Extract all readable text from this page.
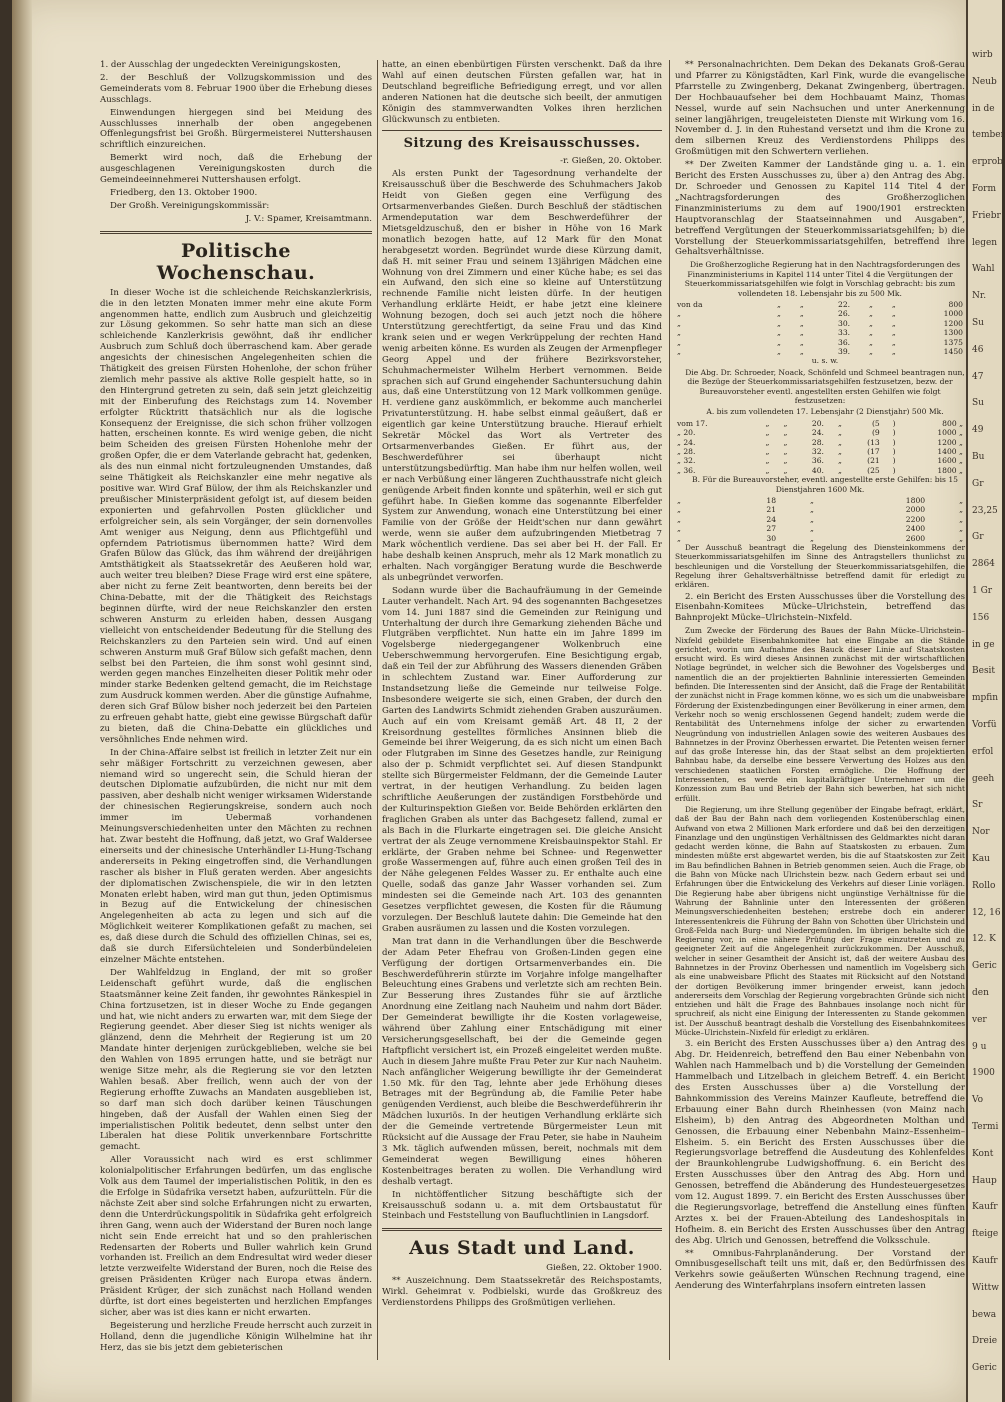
1. der Ausschlag der ungedeckten Vereinigungskosten,

2. der Beschluß der Vollzugskommission und des Gemeinderats vom 8. Februar 1900 über die Erhebung dieses Ausschlags.

Einwendungen hiergegen sind bei Meidung des Ausschlusses innerhalb der oben angegebenen Offenlegungsfrist bei Großh. Bürgermeisterei Nuttershausen schriftlich einzureichen.

Bemerkt wird noch, daß die Erhebung der ausgeschlagenen Vereinigungskosten durch die Gemeindeeinnehmerei Nuttershausen erfolgt.

Friedberg, den 13. Oktober 1900.

Der Großh. Vereinigungskommissär:

J. V.: Spamer, Kreisamtmann.

Politische Wochenschau.

In dieser Woche ist die schleichende Reichskanzlerkrisis, die in den letzten Monaten immer mehr eine akute Form angenommen hatte, endlich zum Ausbruch und gleichzeitig zur Lösung gekommen. So sehr hatte man sich an diese schleichende Kanzlerkrisis gewöhnt, daß ihr endlicher Ausbruch zum Schluß doch überraschend kam. Aber gerade angesichts der chinesischen Angelegenheiten schien die Thätigkeit des greisen Fürsten Hohenlohe, der schon früher ziemlich mehr passive als aktive Rolle gespielt hatte, so in den Hintergrund getreten zu sein, daß sein jetzt gleichzeitig mit der Einberufung des Reichstags zum 14. November erfolgter Rücktritt thatsächlich nur als die logische Konsequenz der Ereignisse, die sich schon früher vollzogen hatten, erscheinen konnte. Es wird wenige geben, die nicht beim Scheiden des greisen Fürsten Hohenlohe mehr der großen Opfer, die er dem Vaterlande gebracht hat, gedenken, als des nun einmal nicht fortzuleugnenden Umstandes, daß seine Thätigkeit als Reichskanzler eine mehr negative als positive war. Wird Graf Bülow, der ihm als Reichskanzler und preußischer Ministerpräsident gefolgt ist, auf diesem beiden exponierten und gefahrvollen Posten glücklicher und erfolgreicher sein, als sein Vorgänger, der sein dornenvolles Amt weniger aus Neigung, denn aus Pflichtgefühl und opferndem Patriotismus übernommen hatte? Wird dem Grafen Bülow das Glück, das ihm während der dreijährigen Amtsthätigkeit als Staatssekretär des Aeußeren hold war, auch weiter treu bleiben? Diese Frage wird erst eine spätere, aber nicht zu ferne Zeit beantworten, denn bereits bei der China-Debatte, mit der die Thätigkeit des Reichstags beginnen dürfte, wird der neue Reichskanzler den ersten schweren Ansturm zu erleiden haben, dessen Ausgang vielleicht von entscheidender Bedeutung für die Stellung des Reichskanzlers zu den Parteien sein wird. Und auf einen schweren Ansturm muß Graf Bülow sich gefaßt machen, denn selbst bei den Parteien, die ihm sonst wohl gesinnt sind, werden gegen manches Einzelheiten dieser Politik mehr oder minder starke Bedenken geltend gemacht, die im Reichstage zum Ausdruck kommen werden. Aber die günstige Aufnahme, deren sich Graf Bülow bisher noch jederzeit bei den Parteien zu erfreuen gehabt hatte, giebt eine gewisse Bürgschaft dafür zu bieten, daß die China-Debatte ein glückliches und versöhnliches Ende nehmen wird.

In der China-Affaire selbst ist freilich in letzter Zeit nur ein sehr mäßiger Fortschritt zu verzeichnen gewesen, aber niemand wird so ungerecht sein, die Schuld hieran der deutschen Diplomatie aufzubürden, die nicht nur mit dem passiven, aber deshalb nicht weniger wirksamen Widerstande der chinesischen Regierungskreise, sondern auch noch immer im Uebermaß vorhandenen Meinungsverschiedenheiten unter den Mächten zu rechnen hat. Zwar besteht die Hoffnung, daß jetzt, wo Graf Waldersee einerseits und der chinesische Unterhändler Li-Hung-Tschang andererseits in Peking eingetroffen sind, die Verhandlungen rascher als bisher in Fluß geraten werden. Aber angesichts der diplomatischen Zwischenspiele, die wir in den letzten Monaten erlebt haben, wird man gut thun, jeden Optimismus in Bezug auf die Entwickelung der chinesischen Angelegenheiten ab acta zu legen und sich auf die Möglichkeit weiterer Komplikationen gefaßt zu machen, sei es, daß diese durch die Schuld des offiziellen Chinas, sei es, daß sie durch Eifersüchteleien und Sonderbündeleien einzelner Mächte entstehen.

Der Wahlfeldzug in England, der mit so großer Leidenschaft geführt wurde, daß die englischen Staatsmänner keine Zeit fanden, ihr gewohntes Ränkespiel in China fortzusetzen, ist in dieser Woche zu Ende gegangen und hat, wie nicht anders zu erwarten war, mit dem Siege der Regierung geendet. Aber dieser Sieg ist nichts weniger als glänzend, denn die Mehrheit der Regierung ist um 20 Mandate hinter derjenigen zurückgeblieben, welche sie bei den Wahlen von 1895 errungen hatte, und sie beträgt nur wenige Sitze mehr, als die Regierung sie vor den letzten Wahlen besaß. Aber freilich, wenn auch der von der Regierung erhoffte Zuwachs an Mandaten ausgeblieben ist, so darf man sich doch darüber keinen Täuschungen hingeben, daß der Ausfall der Wahlen einen Sieg der imperialistischen Politik bedeutet, denn selbst unter den Liberalen hat diese Politik unverkennbare Fortschritte gemacht.

Aller Voraussicht nach wird es erst schlimmer kolonialpolitischer Erfahrungen bedürfen, um das englische Volk aus dem Taumel der imperialistischen Politik, in den es die Erfolge in Südafrika versetzt haben, aufzurütteln. Für die nächste Zeit aber sind solche Erfahrungen nicht zu erwarten, denn die Unterdrückungspolitik in Südafrika geht erfolgreich ihren Gang, wenn auch der Widerstand der Buren noch lange nicht sein Ende erreicht hat und so den prahlerischen Redensarten der Roberts und Buller wahrlich kein Grund vorhanden ist. Freilich an dem Endresultat wird weder dieser letzte verzweifelte Widerstand der Buren, noch die Reise des greisen Präsidenten Krüger nach Europa etwas ändern. Präsident Krüger, der sich zunächst nach Holland wenden dürfte, ist dort eines begeisterten und herzlichen Empfanges sicher, aber was ist dies kann er nicht erwarten.

Begeisterung und herzliche Freude herrscht auch zurzeit in Holland, denn die jugendliche Königin Wilhelmine hat ihr Herz, das sie bis jetzt dem gebieterischen

hatte, an einen ebenbürtigen Fürsten verschenkt. Daß da ihre Wahl auf einen deutschen Fürsten gefallen war, hat in Deutschland begreifliche Befriedigung erregt, und vor allen anderen Nationen hat die deutsche sich beeilt, der anmutigen Königin des stammverwandten Volkes ihren herzlichen Glückwunsch zu entbieten.

Sitzung des Kreisausschusses.

-r. Gießen, 20. Oktober.

Als ersten Punkt der Tagesordnung verhandelte der Kreisausschuß über die Beschwerde des Schuhmachers Jakob Heidt von Gießen gegen eine Verfügung des Ortsarmenverbandes Gießen. Durch Beschluß der städtischen Armendeputation war dem Beschwerdeführer der Mietsgeldzuschuß, den er bisher in Höhe von 16 Mark monatlich bezogen hatte, auf 12 Mark für den Monat herabgesetzt worden. Begründet wurde diese Kürzung damit, daß H. mit seiner Frau und seinem 13jährigen Mädchen eine Wohnung von drei Zimmern und einer Küche habe; es sei das ein Aufwand, den sich eine so kleine auf Unterstützung rechnende Familie nicht leisten dürfe. In der heutigen Verhandlung erklärte Heidt, er habe jetzt eine kleinere Wohnung bezogen, doch sei auch jetzt noch die höhere Unterstützung gerechtfertigt, da seine Frau und das Kind krank seien und er wegen Verkrüppelung der rechten Hand wenig arbeiten könne. Es wurden als Zeugen der Armenpfleger Georg Appel und der frühere Bezirksvorsteher, Schuhmachermeister Wilhelm Herbert vernommen. Beide sprachen sich auf Grund eingehender Sachuntersuchung dahin aus, daß eine Unterstützung von 12 Mark vollkommen genüge. H. verdiene ganz auskömmlich, er bekomme auch mancherlei Privatunterstützung. H. habe selbst einmal geäußert, daß er eigentlich gar keine Unterstützung brauche. Hierauf erhielt Sekretär Möckel das Wort als Vertreter des Ortsarmenverbandes Gießen. Er führt aus, der Beschwerdeführer sei überhaupt nicht unterstützungsbedürftig. Man habe ihm nur helfen wollen, weil er nach Verbüßung einer längeren Zuchthausstrafe nicht gleich genügende Arbeit finden konnte und späterhin, weil er sich gut geführt habe. In Gießen komme das sogenannte Elberfelder System zur Anwendung, wonach eine Unterstützung bei einer Familie von der Größe der Heidt'schen nur dann gewährt werde, wenn sie außer dem aufzubringenden Mietbetrag 7 Mark wöchentlich verdiene. Das sei aber bei H. der Fall. Er habe deshalb keinen Anspruch, mehr als 12 Mark monatlich zu erhalten. Nach vorgängiger Beratung wurde die Beschwerde als unbegründet verworfen.

Sodann wurde über die Bachaufräumung in der Gemeinde Lauter verhandelt. Nach Art. 94 des sogenannten Bachgesetzes vom 14. Juni 1887 sind die Gemeinden zur Reinigung und Unterhaltung der durch ihre Gemarkung ziehenden Bäche und Flutgräben verpflichtet. Nun hatte ein im Jahre 1899 im Vogelsberge niedergegangener Wolkenbruch eine Ueberschwemmung hervorgerufen. Eine Besichtigung ergab, daß ein Teil der zur Abführung des Wassers dienenden Gräben in schlechtem Zustand war. Einer Aufforderung zur Instandsetzung ließe die Gemeinde nur teilweise Folge. Insbesondere weigerte sie sich, einen Graben, der durch den Garten des Landwirts Schmidt ziehenden Graben auszuräumen. Auch auf ein vom Kreisamt gemäß Art. 48 II, 2 der Kreisordnung gestelltes förmliches Ansinnen blieb die Gemeinde bei ihrer Weigerung, da es sich nicht um einen Bach oder Flutgraben im Sinne des Gesetzes handle, zur Reinigung also der p. Schmidt verpflichtet sei. Auf diesen Standpunkt stellte sich Bürgermeister Feldmann, der die Gemeinde Lauter vertrat, in der heutigen Verhandlung. Zu beiden lagen schriftliche Aeußerungen der zuständigen Forstbehörde und der Kulturinspektion Gießen vor. Beide Behörden erklärten den fraglichen Graben als unter das Bachgesetz fallend, zumal er als Bach in die Flurkarte eingetragen sei. Die gleiche Ansicht vertrat der als Zeuge vernommene Kreisbauinspektor Stahl. Er erklärte, der Graben nehme bei Schnee- und Regenwetter große Wassermengen auf, führe auch einen großen Teil des in der Nähe gelegenen Feldes Wasser zu. Er enthalte auch eine Quelle, sodaß das ganze Jahr Wasser vorhanden sei. Zum mindesten sei die Gemeinde nach Art. 103 des genannten Gesetzes verpflichtet gewesen, die Kosten für die Räumung vorzulegen. Der Beschluß lautete dahin: Die Gemeinde hat den Graben ausräumen zu lassen und die Kosten vorzulegen.

Man trat dann in die Verhandlungen über die Beschwerde der Adam Peter Ehefrau von Großen-Linden gegen eine Verfügung der dortigen Ortsarmenverbandes ein. Die Beschwerdeführerin stürzte im Vorjahre infolge mangelhafter Beleuchtung eines Grabens und verletzte sich am rechten Bein. Zur Besserung ihres Zustandes führ sie auf ärztliche Anordnung eine Zeitlang nach Nauheim und nahm dort Bäder. Der Gemeinderat bewilligte ihr die Kosten vorlageweise, während über Zahlung einer Entschädigung mit einer Versicherungsgesellschaft, bei der die Gemeinde gegen Haftpflicht versichert ist, ein Prozeß eingeleitet werden mußte. Auch in diesem Jahre mußte Frau Peter zur Kur nach Nauheim. Nach anfänglicher Weigerung bewilligte ihr der Gemeinderat 1.50 Mk. für den Tag, lehnte aber jede Erhöhung dieses Betrages mit der Begründung ab, die Familie Peter habe genügenden Verdienst, auch bleibe die Beschwerdeführerin ihr Mädchen luxuriös. In der heutigen Verhandlung erklärte sich der die Gemeinde vertretende Bürgermeister Leun mit Rücksicht auf die Aussage der Frau Peter, sie habe in Nauheim 3 Mk. täglich aufwenden müssen, bereit, nochmals mit dem Gemeinderat wegen Bewilligung eines höheren Kostenbeitrages beraten zu wollen. Die Verhandlung wird deshalb vertagt.

In nichtöffentlicher Sitzung beschäftigte sich der Kreisausschuß sodann u. a. mit dem Ortsbaustatut für Steinbach und Feststellung von Baufluchtlinien in Langsdorf.

Aus Stadt und Land.

Gießen, 22. Oktober 1900.

** Auszeichnung. Dem Staatssekretär des Reichspostamts, Wirkl. Geheimrat v. Podbielski, wurde das Großkreuz des Verdienstordens Philipps des Großmütigen verliehen.

** Personalnachrichten. Dem Dekan des Dekanats Groß-Gerau und Pfarrer zu Königstädten, Karl Fink, wurde die evangelische Pfarrstelle zu Zwingenberg, Dekanat Zwingenberg, übertragen. Der Hochbauaufseher bei dem Hochbauamt Mainz, Thomas Nessel, wurde auf sein Nachsuchen und unter Anerkennung seiner langjährigen, treugeleisteten Dienste mit Wirkung vom 16. November d. J. in den Ruhestand versetzt und ihm die Krone zu dem silbernen Kreuz des Verdienstordens Philipps des Großmütigen mit den Schwertern verliehen.

** Der Zweiten Kammer der Landstände ging u. a. 1. ein Bericht des Ersten Ausschusses zu, über a) den Antrag des Abg. Dr. Schroeder und Genossen zu Kapitel 114 Titel 4 der „Nachtragsforderungen des Großherzoglichen Finanzministeriums zu dem auf 1900/1901 erstreckten Hauptvoranschlag der Staatseinnahmen und Ausgaben“, betreffend Vergütungen der Steuerkommissariatsgehilfen; b) die Vorstellung der Steuerkommissariatsgehilfen, betreffend ihre Gehaltsverhältnisse.

Die Großherzogliche Regierung hat in den Nachtragsforderungen des Finanzministeriums in Kapitel 114 unter Titel 4 die Vergütungen der Steuerkommissariatsgehilfen wie folgt in Vorschlag gebracht: bis zum vollendeten 18. Lebensjahr bis zu 500 Mk.

von da	„	„	22.	„	„	800
„	„	„	26.	„	„	1000
„	„	„	30.	„	„	1200
„	„	„	33.	„	„	1300
„	„	„	36.	„	„	1375
„	„	„	39.	„	„	1450

u. s. w.

Die Abg. Dr. Schroeder, Noack, Schönfeld und Schmeel beantragen nun, die Bezüge der Steuerkommissariatsgehilfen festzusetzen, bezw. der Bureauvorsteher eventl. angestellten ersten Gehilfen wie folgt festzusetzen:

A. bis zum vollendeten 17. Lebensjahr (2 Dienstjahr) 500 Mk.

vom 17.	„	„	20.	„	(5	)	800 „
„ 20.	„	„	24.	„	(9	)	1000 „
„ 24.	„	„	28.	„	(13	)	1200 „
„ 28.	„	„	32.	„	(17	)	1400 „
„ 32.	„	„	36.	„	(21	)	1600 „
„ 36.	„	„	40.	„	(25	)	1800 „

B. Für die Bureauvorsteher, eventl. angestellte erste Gehilfen: bis 15 Dienstjahren 1600 Mk.

„	18	„	1800	„
„	21	„	2000	„
„	24	„	2200	„
„	27	„	2400	„
„	30	„	2600	„

Der Ausschuß beantragt die Regelung des Diensteinkommens der Steuerkommissariatsgehilfen im Sinne des Antragstellers thunlichst zu beschleunigen und die Vorstellung der Steuerkommissariatsgehilfen, die Regelung ihrer Gehaltsverhältnisse betreffend damit für erledigt zu erklären.

2. ein Bericht des Ersten Ausschusses über die Vorstellung des Eisenbahn-Komitees Mücke–Ulrichstein, betreffend das Bahnprojekt Mücke–Ulrichstein–Nixfeld.

Zum Zwecke der Förderung des Baues der Bahn Mücke–Ulrichstein–Nixfeld gebildete Eisenbahnkomitee hat eine Eingabe an die Stände gerichtet, worin um Aufnahme des Bauck dieser Linie auf Staatskosten ersucht wird. Es wird dieses Ansinnen zunächst mit der wirtschaftlichen Notlage begründet, in welcher sich die Bewohner des Vogelsberges und namentlich die an der projektierten Bahnlinie interessierten Gemeinden befinden. Die Interessenten sind der Ansicht, daß die Frage der Rentabilität der zunächst nicht in Frage kommen könne, wo es sich um die unabweisbare Förderung der Existenzbedingungen einer Bevölkerung in einer armen, dem Verkehr noch so wenig erschlossenen Gegend handelt; zudem werde die Rentabilität des Unternehmens infolge der sicher zu erwartenden Neugründung von industriellen Anlagen sowie des weiteren Ausbaues des Bahnnetzes in der Provinz Oberhessen erwartet. Die Petenten weisen ferner auf das große Interesse hin, das der Staat selbst an dem projektierten Bahnbau habe, da derselbe eine bessere Verwertung des Holzes aus den verschiedenen staatlichen Forsten ermögliche. Die Hoffnung der Interessenten, es werde ein kapitalkräftiger Unternehmer um die Konzession zum Bau und Betrieb der Bahn sich bewerben, hat sich nicht erfüllt.

Die Regierung, um ihre Stellung gegenüber der Eingabe befragt, erklärt, daß der Bau der Bahn nach dem vorliegenden Kostenüberschlag einen Aufwand von etwa 2 Millionen Mark erfordere und daß bei den derzeitigen Finanzlage und den ungünstigen Verhältnissen des Geldmarktes nicht daran gedacht werden könne, die Bahn auf Staatskosten zu erbauen. Zum mindesten müßte erst abgewartet werden, bis die auf Staatskosten zur Zeit im Bau befindlichen Bahnen in Betrieb genommen seien. Auch die Frage, ob die Bahn von Mücke nach Ulrichstein bezw. nach Gedern erbaut sei und Erfahrungen über die Entwickelung des Verkehrs auf dieser Linie vorlägen. Die Regierung habe aber übrigens nicht ungünstige Verhältnisse für die Wahrung der Bahnlinie unter den Interessenten der größeren Meinungsverschiedenheiten bestehen; erstrebe doch ein anderer Interessentenkreis die Führung der Bahn von Schotten über Ulrichstein und Groß-Felda nach Burg- und Niedergemünden. Im übrigen behalte sich die Regierung vor, in eine nähere Prüfung der Frage einzutreten und zu geeigneter Zeit auf die Angelegenheit zurückzukommen. Der Ausschuß, welcher in seiner Gesamtheit der Ansicht ist, daß der weitere Ausbau des Bahnnetzes in der Provinz Oberhessen und namentlich im Vogelsberg sich als eine unabweisbare Pflicht des Staates mit Rücksicht auf den Notstand der dortigen Bevölkerung immer bringender erweist, kann jedoch andererseits dem Vorschlag der Regierung vorgebrachten Gründe sich nicht entziehen und hält die Frage des Bahnbaues insolange noch nicht für spruchreif, als nicht eine Einigung der Interessenten zu Stande gekommen ist. Der Ausschuß beantragt deshalb die Vorstellung des Eisenbahnkomitees Mücke–Ulrichstein–Nixfeld für erledigt zu erklären.

3. ein Bericht des Ersten Ausschusses über a) den Antrag des Abg. Dr. Heidenreich, betreffend den Bau einer Nebenbahn von Wahlen nach Hammelbach und b) die Vorstellung der Gemeinden Hammelbach und Litzelbach in gleichem Betreff. 4. ein Bericht des Ersten Ausschusses über a) die Vorstellung der Bahnkommission des Vereins Mainzer Kaufleute, betreffend die Erbauung einer Bahn durch Rheinhessen (von Mainz nach Elsheim), b) den Antrag des Abgeordneten Molthan und Genossen, die Erbauung einer Nebenbahn Mainz–Essenheim–Elsheim. 5. ein Bericht des Ersten Ausschusses über die Regierungsvorlage betreffend die Ausdeutung des Kohlenfeldes der Braunkohlengrube Ludwigshoffnung. 6. ein Bericht des Ersten Ausschusses über den Antrag des Abg. Horn und Genossen, betreffend die Abänderung des Hundesteuergesetzes vom 12. August 1899. 7. ein Bericht des Ersten Ausschusses über die Regierungsvorlage, betreffend die Anstellung eines fünften Arztes x. bei der Frauen-Abteilung des Landeshospitals in Hofheim. 8. ein Bericht des Ersten Ausschusses über den Antrag des Abg. Ulrich und Genossen, betreffend die Volksschule.

** Omnibus-Fahrplanänderung. Der Vorstand der Omnibusgesellschaft teilt uns mit, daß er, den Bedürfnissen des Verkehrs sowie geäußerten Wünschen Rechnung tragend, eine Aenderung des Winterfahrplans insofern eintreten lassen

wirb
Neub
in de
tember
erprob
Form
Friebr
legen
Wahl
Nr.
Su
46
47
Su
49
Bu
Gr
23,25
Gr
2864
1 Gr
156
in ge
Besit
mpfin
Vorfü
erfol
geeh
Sr
Nor
Kau
Rollo
12, 16
12. K
Geric
den
ver
9 u
1900
Vo
Termi
Kont
Haup
Kaufr
fteige
Kaufr
Wittw
bewa
Dreie
Geric
